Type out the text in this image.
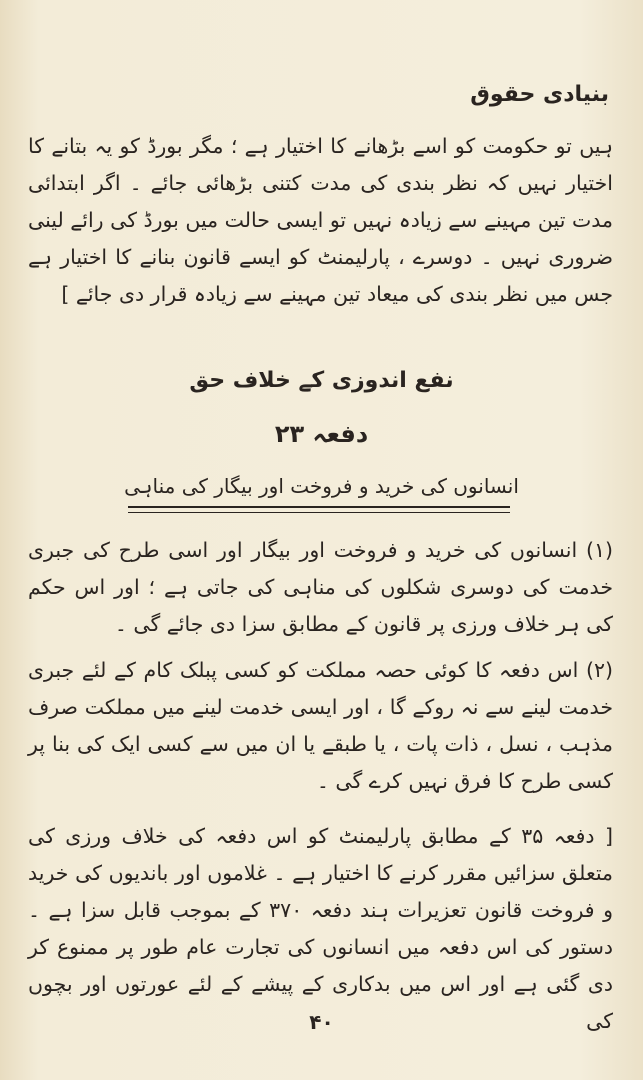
بنیادی حقوق
ہیں تو حکومت کو اسے بڑھانے کا اختیار ہے ؛ مگر بورڈ کو یہ بتانے کا اختیار نہیں کہ نظر بندی کی مدت کتنی بڑھائی جائے ۔ اگر ابتدائی مدت تین مہینے سے زیادہ نہیں تو ایسی حالت میں بورڈ کی رائے لینی ضروری نہیں ۔ دوسرے ، پارلیمنٹ کو ایسے قانون بنانے کا اختیار ہے جس میں نظر بندی کی میعاد تین مہینے سے زیادہ قرار دی جائے ]
نفع اندوزی کے خلاف حق
دفعہ ۲۳
انسانوں کی خرید و فروخت اور بیگار کی مناہی
(۱) انسانوں کی خرید و فروخت اور بیگار اور اسی طرح کی جبری خدمت کی دوسری شکلوں کی مناہی کی جاتی ہے ؛ اور اس حکم کی ہر خلاف ورزی پر قانون کے مطابق سزا دی جائے گی ۔
(۲) اس دفعہ کا کوئی حصہ مملکت کو کسی پبلک کام کے لئے جبری خدمت لینے سے نہ روکے گا ، اور ایسی خدمت لینے میں مملکت صرف مذہب ، نسل ، ذات پات ، یا طبقے یا ان میں سے کسی ایک کی بنا پر کسی طرح کا فرق نہیں کرے گی ۔
[ دفعہ ۳۵ کے مطابق پارلیمنٹ کو اس دفعہ کی خلاف ورزی کی متعلق سزائیں مقرر کرنے کا اختیار ہے ۔ غلاموں اور باندیوں کی خرید و فروخت قانون تعزیرات ہند دفعہ ۳۷۰ کے بموجب قابل سزا ہے ۔ دستور کی اس دفعہ میں انسانوں کی تجارت عام طور پر ممنوع کر دی گئی ہے اور اس میں بدکاری کے پیشے کے لئے عورتوں اور بچوں کی
۴۰
